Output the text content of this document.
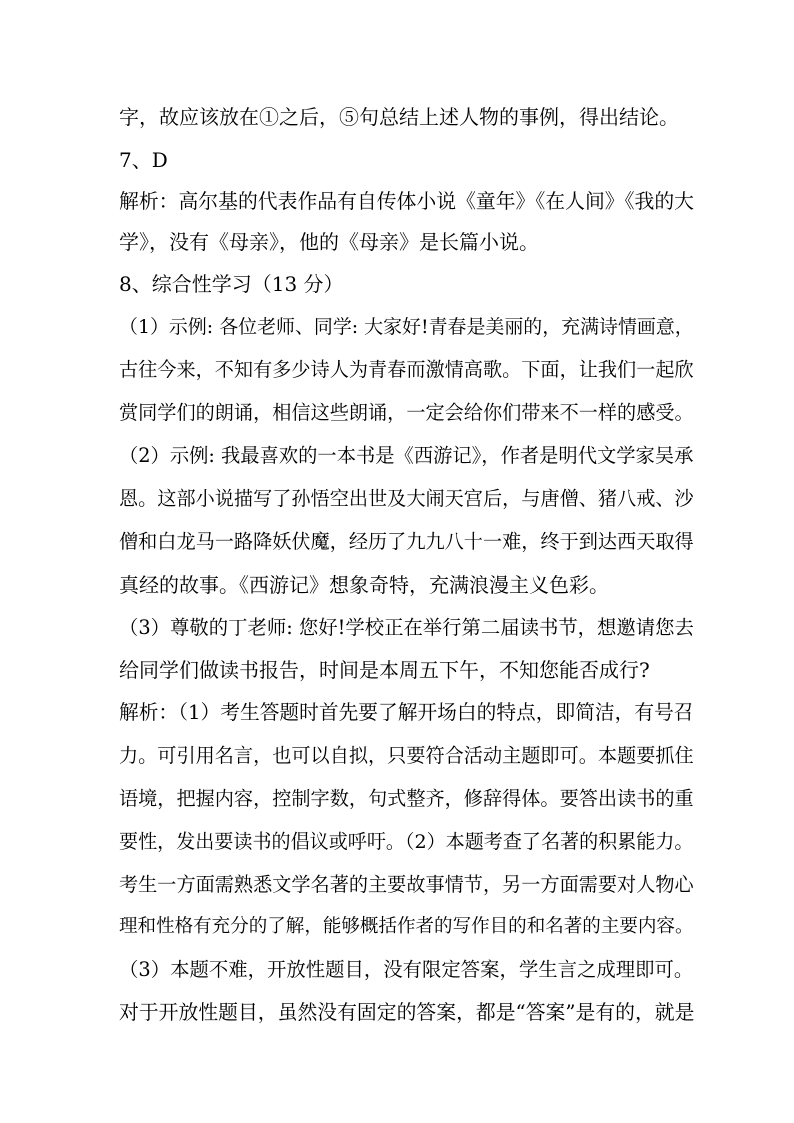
字，故应该放在①之后，⑤句总结上述人物的事例，得出结论。
7、D
解析：高尔基的代表作品有自传体小说《童年》《在人间》《我的大
学》，没有《母亲》，他的《母亲》是长篇小说。
8、综合性学习（13 分）
（1）示例: 各位老师、同学: 大家好!青春是美丽的，充满诗情画意，
古往今来，不知有多少诗人为青春而激情高歌。下面，让我们一起欣
赏同学们的朗诵，相信这些朗诵，一定会给你们带来不一样的感受。
（2）示例: 我最喜欢的一本书是《西游记》，作者是明代文学家吴承
恩。这部小说描写了孙悟空出世及大闹天宫后，与唐僧、猪八戒、沙
僧和白龙马一路降妖伏魔，经历了九九八十一难，终于到达西天取得
真经的故事。《西游记》想象奇特，充满浪漫主义色彩。
（3）尊敬的丁老师: 您好!学校正在举行第二届读书节，想邀请您去
给同学们做读书报告，时间是本周五下午，不知您能否成行?
解析：（1）考生答题时首先要了解开场白的特点，即简洁，有号召
力。可引用名言，也可以自拟，只要符合活动主题即可。本题要抓住
语境，把握内容，控制字数，句式整齐，修辞得体。要答出读书的重
要性，发出要读书的倡议或呼吁。（2）本题考查了名著的积累能力。
考生一方面需熟悉文学名著的主要故事情节，另一方面需要对人物心
理和性格有充分的了解，能够概括作者的写作目的和名著的主要内容。
（3）本题不难，开放性题目，没有限定答案，学生言之成理即可。
对于开放性题目，虽然没有固定的答案，都是“答案”是有的，就是
